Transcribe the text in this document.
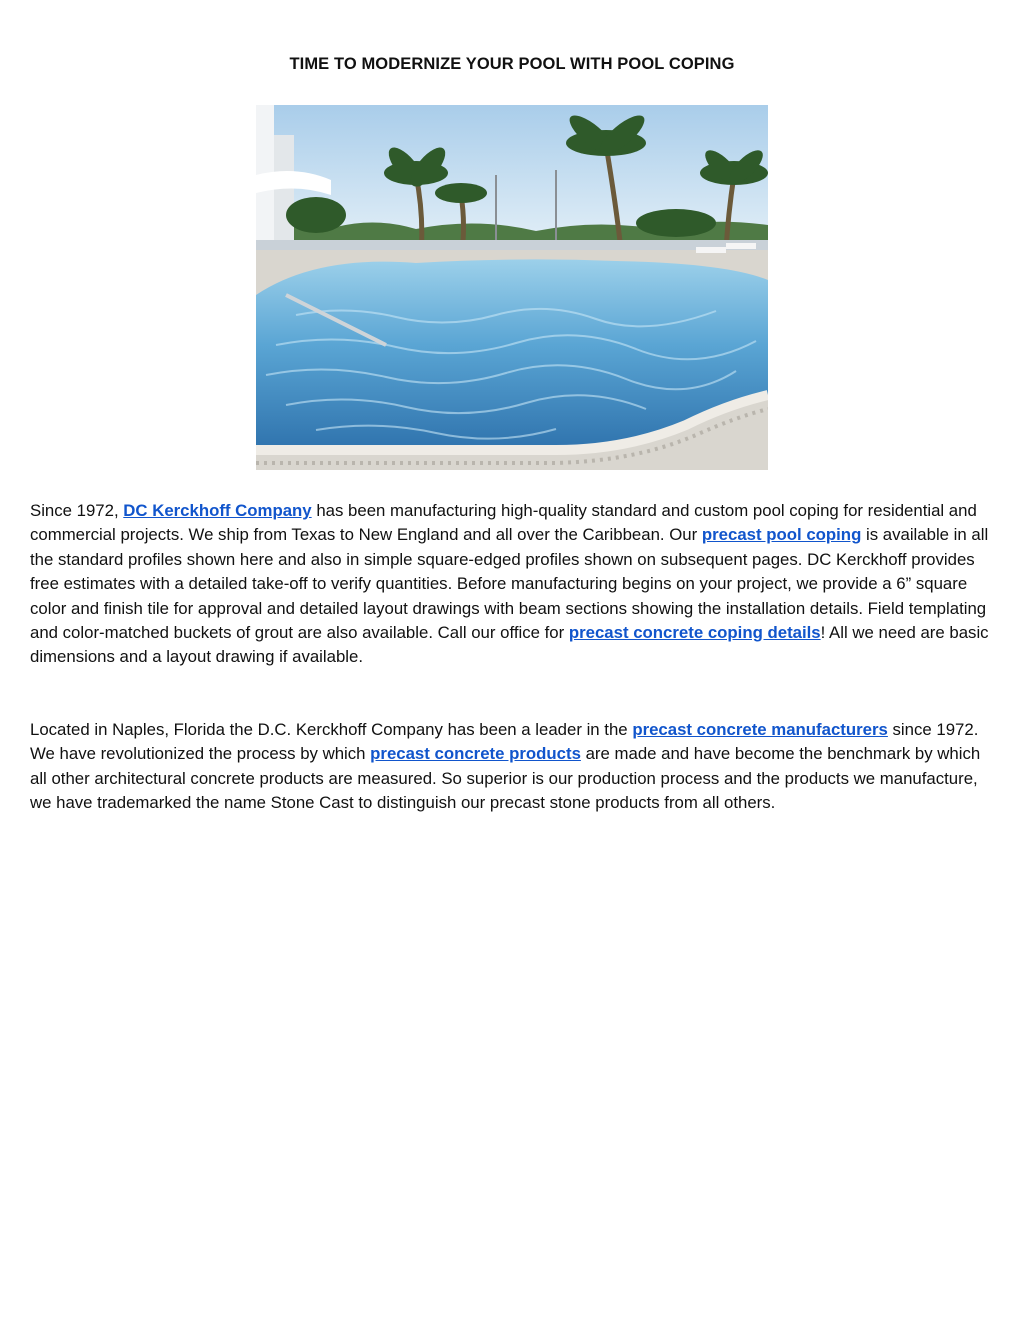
TIME TO MODERNIZE YOUR POOL WITH POOL COPING

Since 1972, DC Kerckhoff Company has been manufacturing high-quality standard and custom pool coping for residential and commercial projects. We ship from Texas to New England and all over the Caribbean. Our precast pool coping is available in all the standard profiles shown here and also in simple square-edged profiles shown on subsequent pages. DC Kerckhoff provides free estimates with a detailed take-off to verify quantities. Before manufacturing begins on your project, we provide a 6” square color and finish tile for approval and detailed layout drawings with beam sections showing the installation details. Field templating and color-matched buckets of grout are also available. Call our office for precast concrete coping details! All we need are basic dimensions and a layout drawing if available.

Located in Naples, Florida the D.C. Kerckhoff Company has been a leader in the precast concrete manufacturers since 1972. We have revolutionized the process by which precast concrete products are made and have become the benchmark by which all other architectural concrete products are measured. So superior is our production process and the products we manufacture, we have trademarked the name Stone Cast to distinguish our precast stone products from all others.
